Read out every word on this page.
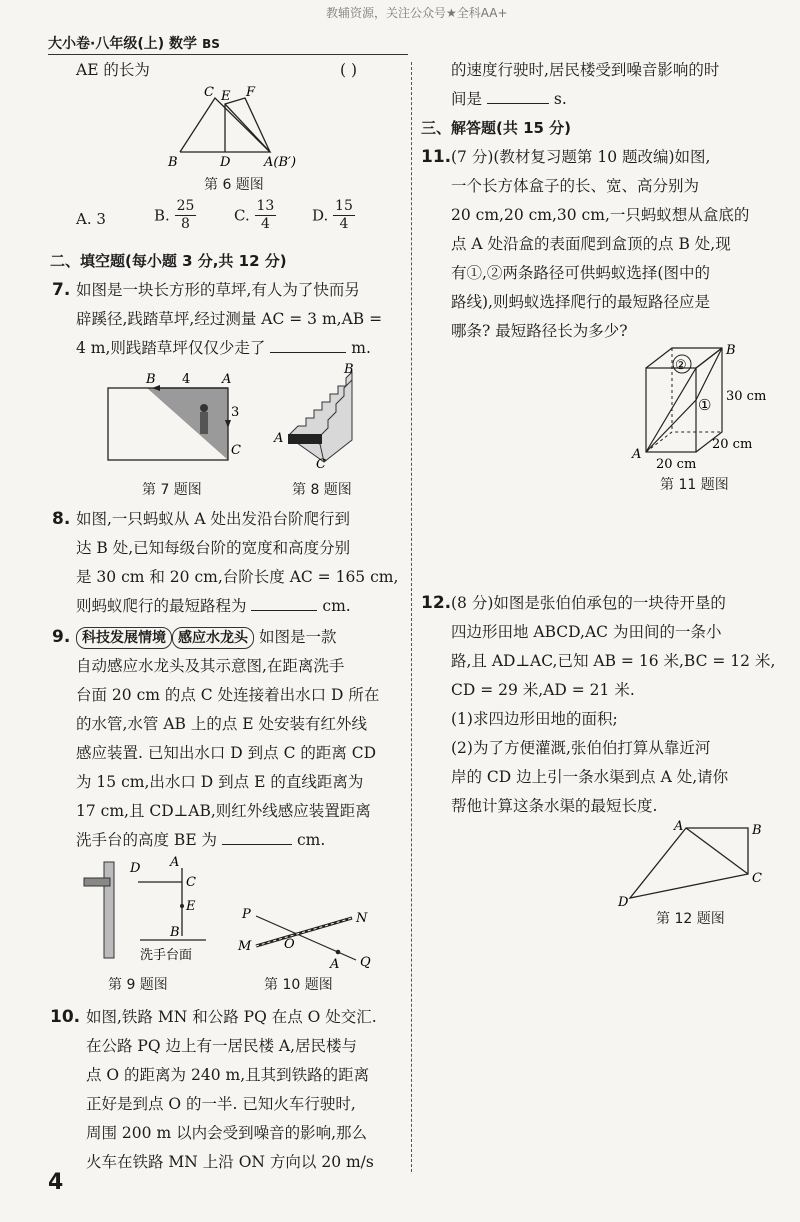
教辅资源，关注公众号★全科AA+
大小卷·八年级(上) 数学 BS
AE 的长为	( )
C E F
B	D	A(B′)
第 6 题图
A. 3	B. $\frac{25}{8}$	C. $\frac{13}{4} D$. $\frac{15}{4}$
二、填空题(每小题 3 分,共 12 分)
7. 如图是一块长方形的草坪,有人为了快而另
辟蹊径,践踏草坪,经过测量 AC = 3 m,AB =
4 m,则践踏草坪仅仅少走了	m.
B 4 A
3
C
第 7 题图
B
A
C
第 8 题图
8. 如图,一只蚂蚁从 A 处出发沿台阶爬行到
达 B 处,已知每级台阶的宽度和高度分别
是 30 cm 和 20 cm,台阶长度 AC = 165 cm,
则蚂蚁爬行的最短路程为	cm.
9. 科技发展情境 感应水龙头 如图是一款
自动感应水龙头及其示意图,在距离洗手
台面 20 cm 的点 C 处连接着出水口 D 所在
的水管,水管 AB 上的点 E 处安装有红外线
感应装置. 已知出水口 D 到点 C 的距离 CD
为 15 cm,出水口 D 到点 E 的直线距离为
17 cm,且 CD⊥AB,则红外线感应装置距离
洗手台的高度 BE 为	cm.
D A
C
E
B
洗手台面
第 9 题图
P	N
M	O
A Q
第 10 题图
10. 如图,铁路 MN 和公路 PQ 在点 O 处交汇.
在公路 PQ 边上有一居民楼 A,居民楼与
点 O 的距离为 240 m,且其到铁路的距离
正好是到点 O 的一半. 已知火车行驶时,
周围 200 m 以内会受到噪音的影响,那么
火车在铁路 MN 上沿 ON 方向以 20 m/s
4
的速度行驶时,居民楼受到噪音影响的时
间是	s.
三、解答题(共 15 分)
11. (7 分)(教材复习题第 10 题改编)如图,
一个长方体盒子的长、宽、高分别为
20 cm,20 cm,30 cm,一只蚂蚁想从盒底的
点 A 处沿盒的表面爬到盒顶的点 B 处,现
有①,②两条路径可供蚂蚁选择(图中的
路线),则蚂蚁选择爬行的最短路径应是
哪条? 最短路径长为多少?
②
①
B
A
30 cm
20 cm
20 cm
第 11 题图
12. (8 分)如图是张伯伯承包的一块待开垦的
四边形田地 ABCD,AC 为田间的一条小
路,且 AD⊥AC,已知 AB = 16 米,BC = 12 米,
CD = 29 米,AD = 21 米.
(1)求四边形田地的面积;
(2)为了方便灌溉,张伯伯打算从靠近河
岸的 CD 边上引一条水渠到点 A 处,请你
帮他计算这条水渠的最短长度.
A	B
C
D
第 12 题图
